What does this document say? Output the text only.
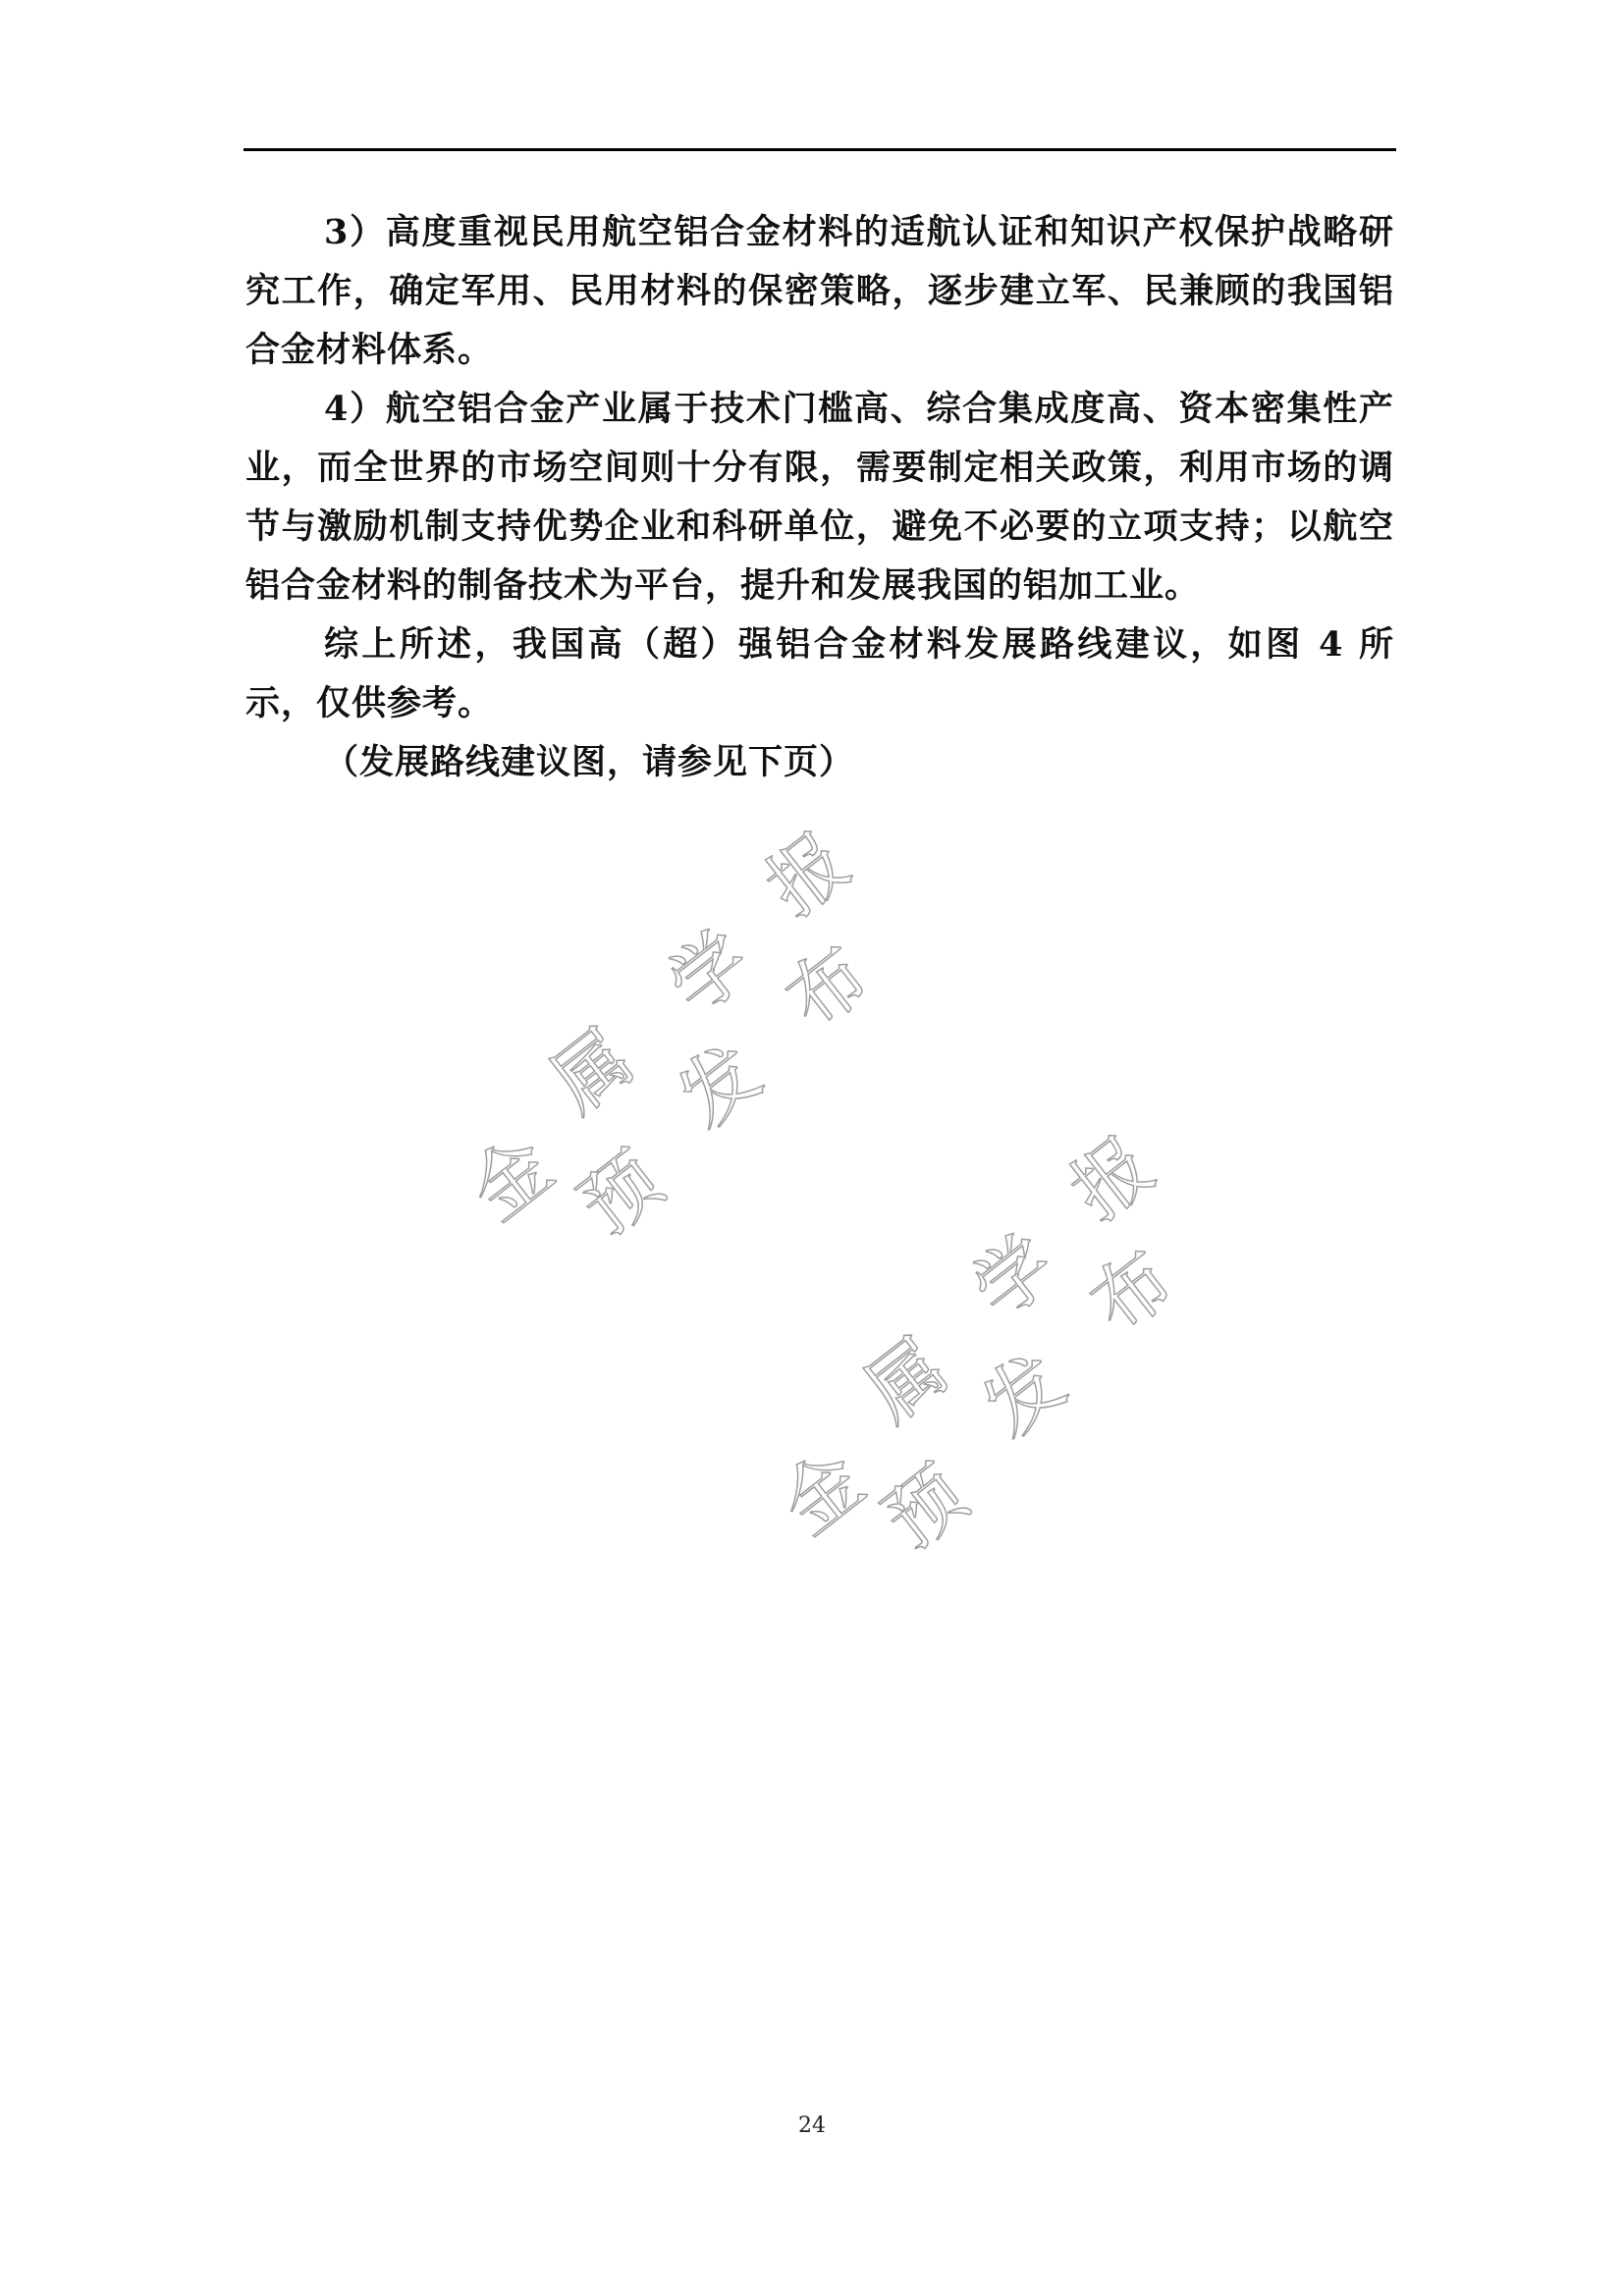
3）高度重视民用航空铝合金材料的适航认证和知识产权保护战略研究工作，确定军用、民用材料的保密策略，逐步建立军、民兼顾的我国铝合金材料体系。

4）航空铝合金产业属于技术门槛高、综合集成度高、资本密集性产业，而全世界的市场空间则十分有限，需要制定相关政策，利用市场的调节与激励机制支持优势企业和科研单位，避免不必要的立项支持；以航空铝合金材料的制备技术为平台，提升和发展我国的铝加工业。

综上所述，我国高（超）强铝合金材料发展路线建议，如图 4 所示，仅供参考。

（发展路线建议图，请参见下页）

金
属
学
报
预
发
布
金
属
学
报
预
发
布
24
